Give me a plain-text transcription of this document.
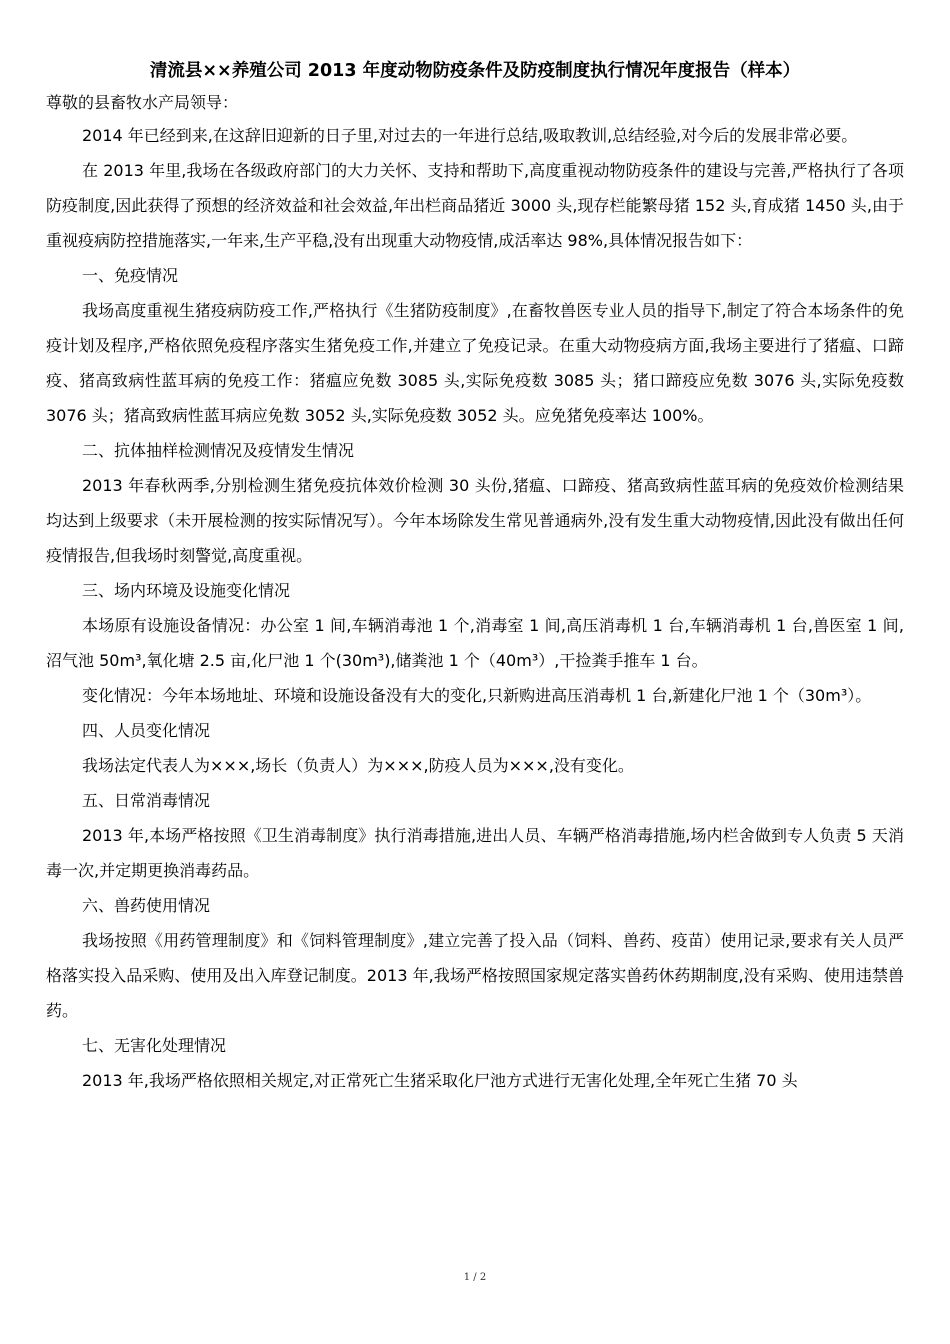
清流县××养殖公司 2013 年度动物防疫条件及防疫制度执行情况年度报告（样本）

尊敬的县畜牧水产局领导：

2014 年已经到来,在这辞旧迎新的日子里,对过去的一年进行总结,吸取教训,总结经验,对今后的发展非常必要。

在 2013 年里,我场在各级政府部门的大力关怀、支持和帮助下,高度重视动物防疫条件的建设与完善,严格执行了各项防疫制度,因此获得了预想的经济效益和社会效益,年出栏商品猪近 3000 头,现存栏能繁母猪 152 头,育成猪 1450 头,由于重视疫病防控措施落实,一年来,生产平稳,没有出现重大动物疫情,成活率达 98%,具体情况报告如下：

一、免疫情况

我场高度重视生猪疫病防疫工作,严格执行《生猪防疫制度》,在畜牧兽医专业人员的指导下,制定了符合本场条件的免疫计划及程序,严格依照免疫程序落实生猪免疫工作,并建立了免疫记录。在重大动物疫病方面,我场主要进行了猪瘟、口蹄疫、猪高致病性蓝耳病的免疫工作：猪瘟应免数 3085 头,实际免疫数 3085 头；猪口蹄疫应免数 3076 头,实际免疫数 3076 头；猪高致病性蓝耳病应免数 3052 头,实际免疫数 3052 头。应免猪免疫率达 100%。

二、抗体抽样检测情况及疫情发生情况

2013 年春秋两季,分别检测生猪免疫抗体效价检测 30 头份,猪瘟、口蹄疫、猪高致病性蓝耳病的免疫效价检测结果均达到上级要求（未开展检测的按实际情况写）。今年本场除发生常见普通病外,没有发生重大动物疫情,因此没有做出任何疫情报告,但我场时刻警觉,高度重视。

三、场内环境及设施变化情况

本场原有设施设备情况：办公室 1 间,车辆消毒池 1 个,消毒室 1 间,高压消毒机 1 台,车辆消毒机 1 台,兽医室 1 间,沼气池 50m³,氧化塘 2.5 亩,化尸池 1 个(30m³),储粪池 1 个（40m³）,干捡粪手推车 1 台。

变化情况：今年本场地址、环境和设施设备没有大的变化,只新购进高压消毒机 1 台,新建化尸池 1 个（30m³）。

四、人员变化情况

我场法定代表人为×××,场长（负责人）为×××,防疫人员为×××,没有变化。

五、日常消毒情况

2013 年,本场严格按照《卫生消毒制度》执行消毒措施,进出人员、车辆严格消毒措施,场内栏舍做到专人负责 5 天消毒一次,并定期更换消毒药品。

六、兽药使用情况

我场按照《用药管理制度》和《饲料管理制度》,建立完善了投入品（饲料、兽药、疫苗）使用记录,要求有关人员严格落实投入品采购、使用及出入库登记制度。2013 年,我场严格按照国家规定落实兽药休药期制度,没有采购、使用违禁兽药。

七、无害化处理情况

2013 年,我场严格依照相关规定,对正常死亡生猪采取化尸池方式进行无害化处理,全年死亡生猪 70 头

1 / 2
